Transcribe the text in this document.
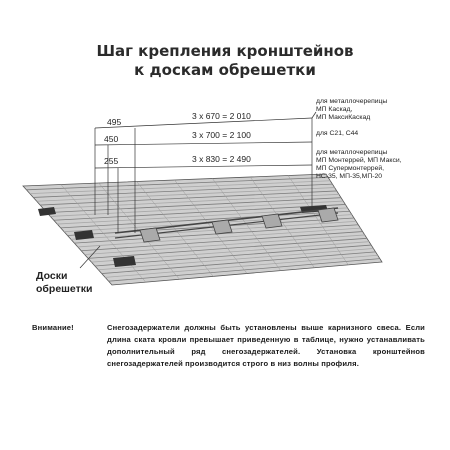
Шаг крепления кронштейнов
к доскам обрешетки
495
450
255
3 x 670 = 2 010
3 x 700 = 2 100
3 x 830 = 2 490
для металлочерепицы
МП Каскад,
МП МаксиКаскад
для С21, С44
для металлочерепицы
МП Монтеррей, МП Макси,
МП Супермонтеррей,
НС-35, МП-35,МП-20
Доски
обрешетки
Внимание!	Снегозадержатели должны быть установлены выше карнизного свеса. Если длина ската кровли превышает приведенную в таблице, нужно устанавливать дополнительный ряд снегозадержателей. Установка кронштейнов снегозадержателей производится строго в низ волны профиля.
